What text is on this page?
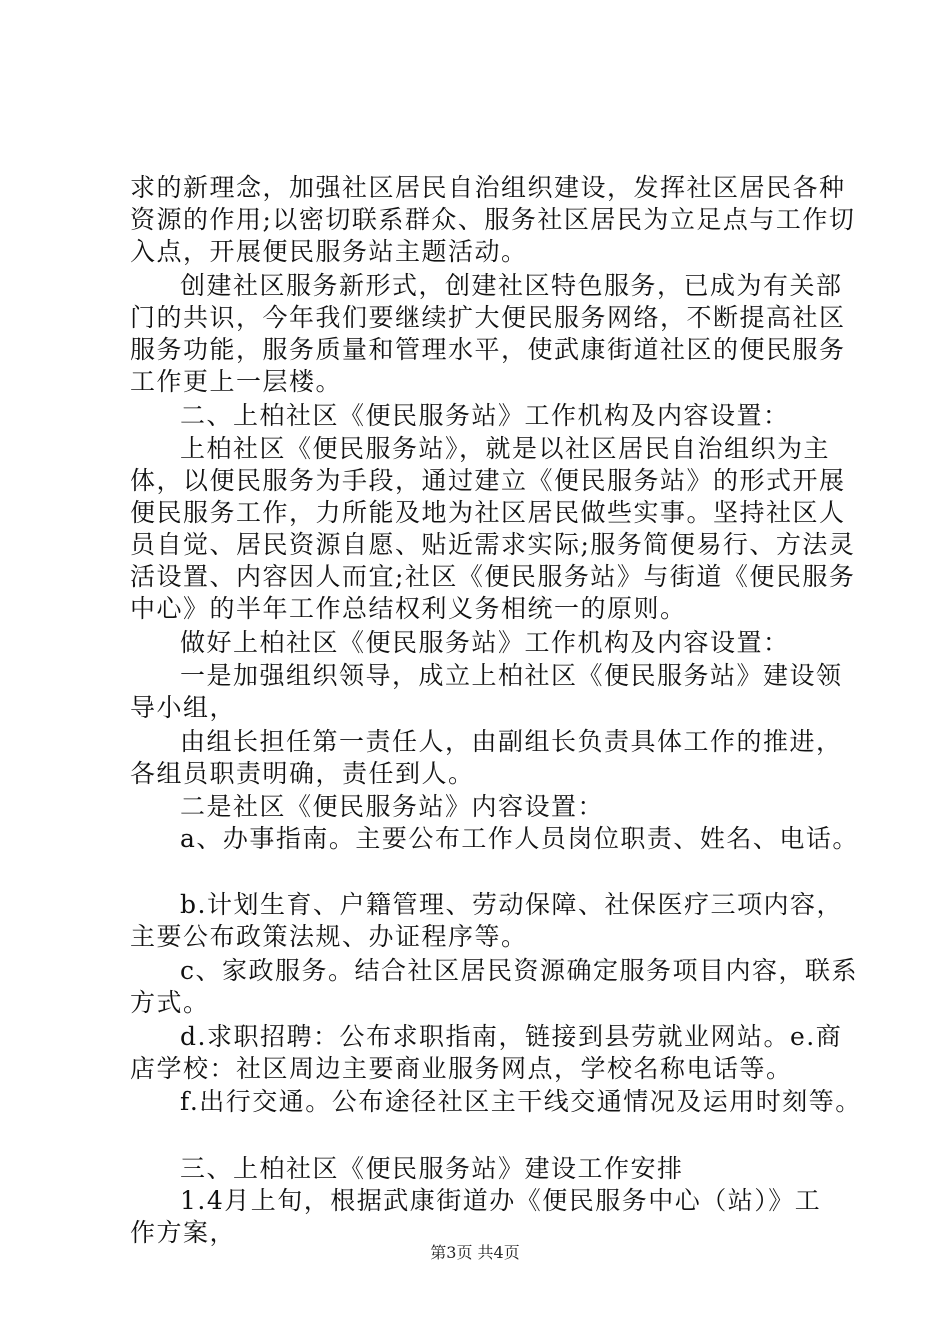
求的新理念，加强社区居民自治组织建设，发挥社区居民各种
资源的作用;以密切联系群众、服务社区居民为立足点与工作切
入点，开展便民服务站主题活动。
创建社区服务新形式，创建社区特色服务，已成为有关部
门的共识，今年我们要继续扩大便民服务网络，不断提高社区
服务功能，服务质量和管理水平，使武康街道社区的便民服务
工作更上一层楼。
二、上柏社区《便民服务站》工作机构及内容设置：
上柏社区《便民服务站》，就是以社区居民自治组织为主
体，以便民服务为手段，通过建立《便民服务站》的形式开展
便民服务工作，力所能及地为社区居民做些实事。坚持社区人
员自觉、居民资源自愿、贴近需求实际;服务简便易行、方法灵
活设置、内容因人而宜;社区《便民服务站》与街道《便民服务
中心》的半年工作总结权利义务相统一的原则。
做好上柏社区《便民服务站》工作机构及内容设置：
一是加强组织领导，成立上柏社区《便民服务站》建设领
导小组，
由组长担任第一责任人，由副组长负责具体工作的推进，
各组员职责明确，责任到人。
二是社区《便民服务站》内容设置：
a、办事指南。主要公布工作人员岗位职责、姓名、电话。
b.计划生育、户籍管理、劳动保障、社保医疗三项内容，
主要公布政策法规、办证程序等。
c、家政服务。结合社区居民资源确定服务项目内容，联系
方式。
d.求职招聘：公布求职指南，链接到县劳就业网站。e.商
店学校：社区周边主要商业服务网点，学校名称电话等。
f.出行交通。公布途径社区主干线交通情况及运用时刻等。
三、上柏社区《便民服务站》建设工作安排
1.4月上旬，根据武康街道办《便民服务中心（站）》工
作方案，
第3页 共4页
